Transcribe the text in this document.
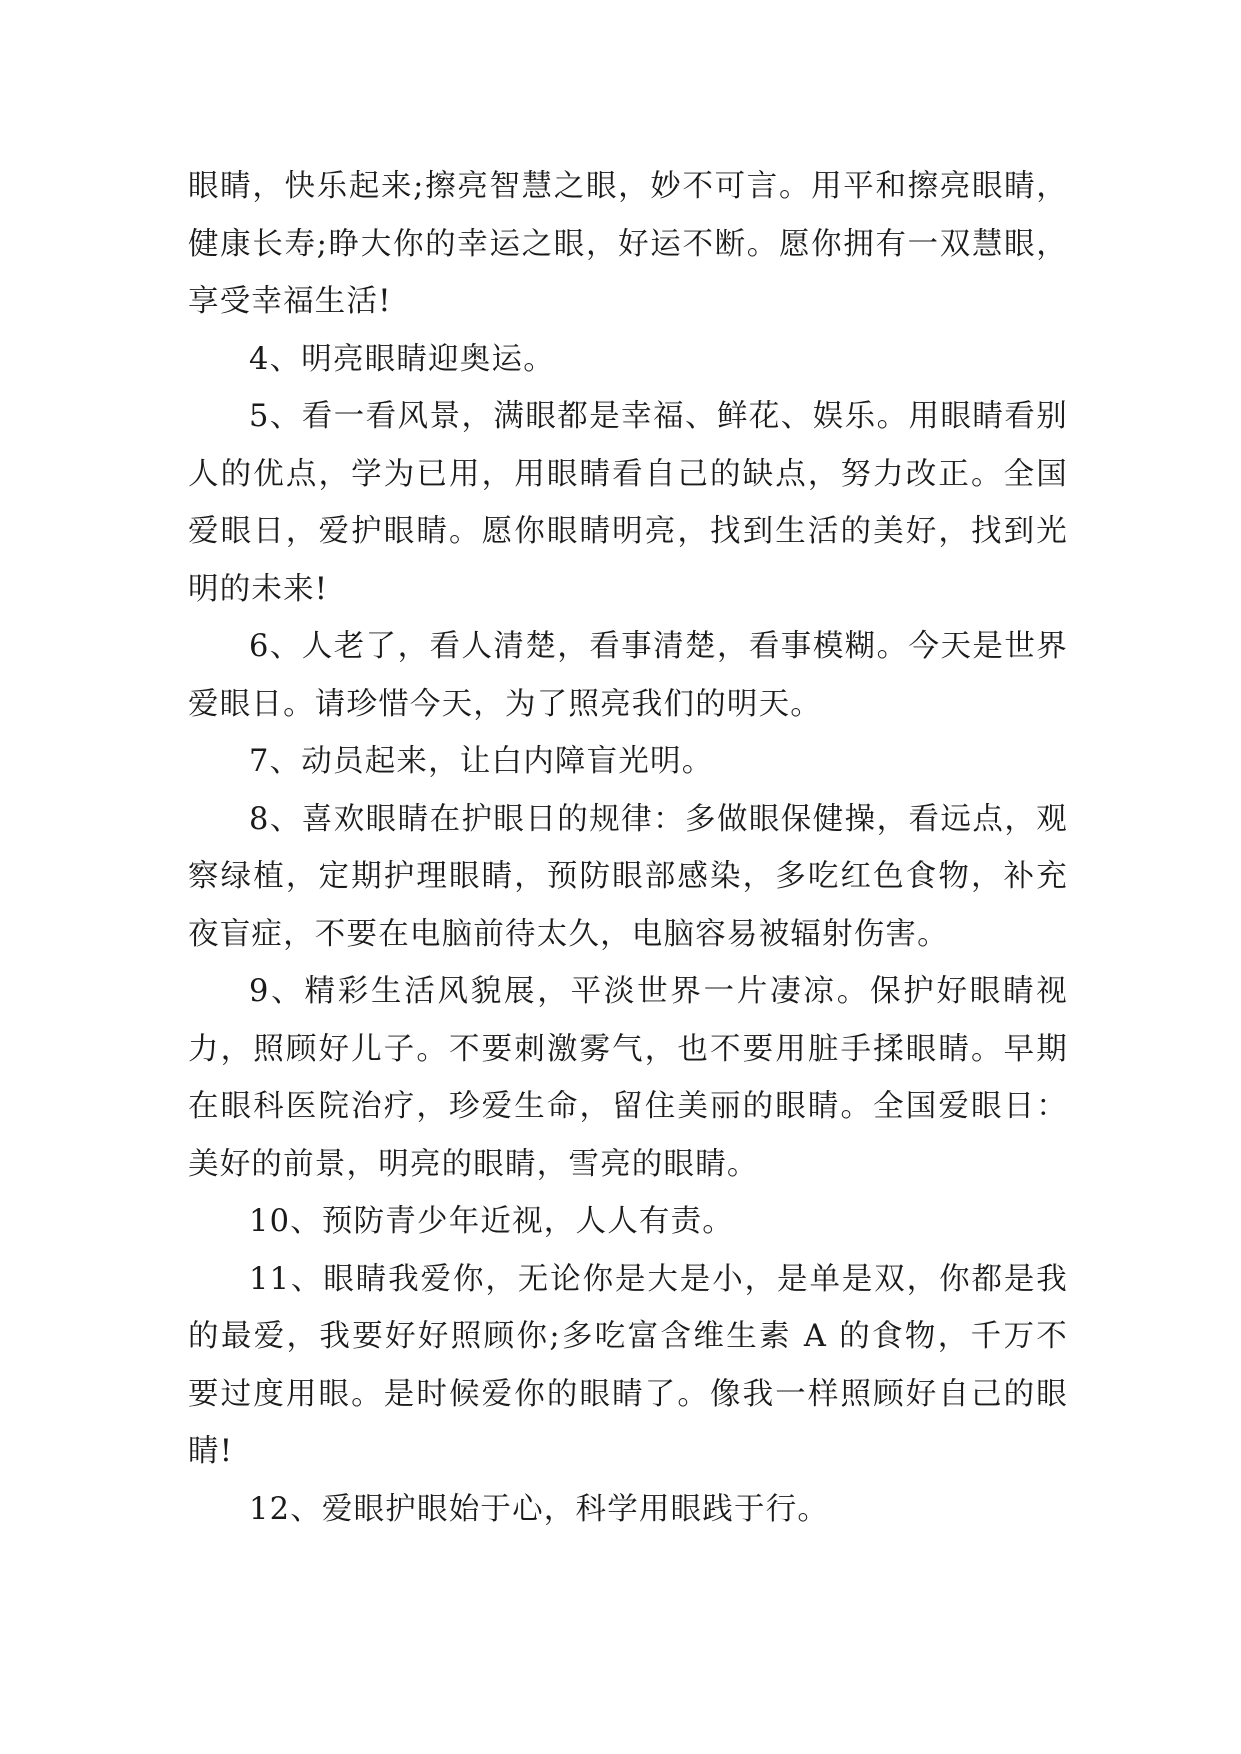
眼睛，快乐起来;擦亮智慧之眼，妙不可言。用平和擦亮眼睛，健康长寿;睁大你的幸运之眼，好运不断。愿你拥有一双慧眼，享受幸福生活!

4、明亮眼睛迎奥运。

5、看一看风景，满眼都是幸福、鲜花、娱乐。用眼睛看别人的优点，学为已用，用眼睛看自己的缺点，努力改正。全国爱眼日，爱护眼睛。愿你眼睛明亮，找到生活的美好，找到光明的未来!

6、人老了，看人清楚，看事清楚，看事模糊。今天是世界爱眼日。请珍惜今天，为了照亮我们的明天。

7、动员起来，让白内障盲光明。

8、喜欢眼睛在护眼日的规律：多做眼保健操，看远点，观察绿植，定期护理眼睛，预防眼部感染，多吃红色食物，补充夜盲症，不要在电脑前待太久，电脑容易被辐射伤害。

9、精彩生活风貌展，平淡世界一片凄凉。保护好眼睛视力，照顾好儿子。不要刺激雾气，也不要用脏手揉眼睛。早期在眼科医院治疗，珍爱生命，留住美丽的眼睛。全国爱眼日：美好的前景，明亮的眼睛，雪亮的眼睛。

10、预防青少年近视，人人有责。

11、眼睛我爱你，无论你是大是小，是单是双，你都是我的最爱，我要好好照顾你;多吃富含维生素 A 的食物，千万不要过度用眼。是时候爱你的眼睛了。像我一样照顾好自己的眼睛!

12、爱眼护眼始于心，科学用眼践于行。
